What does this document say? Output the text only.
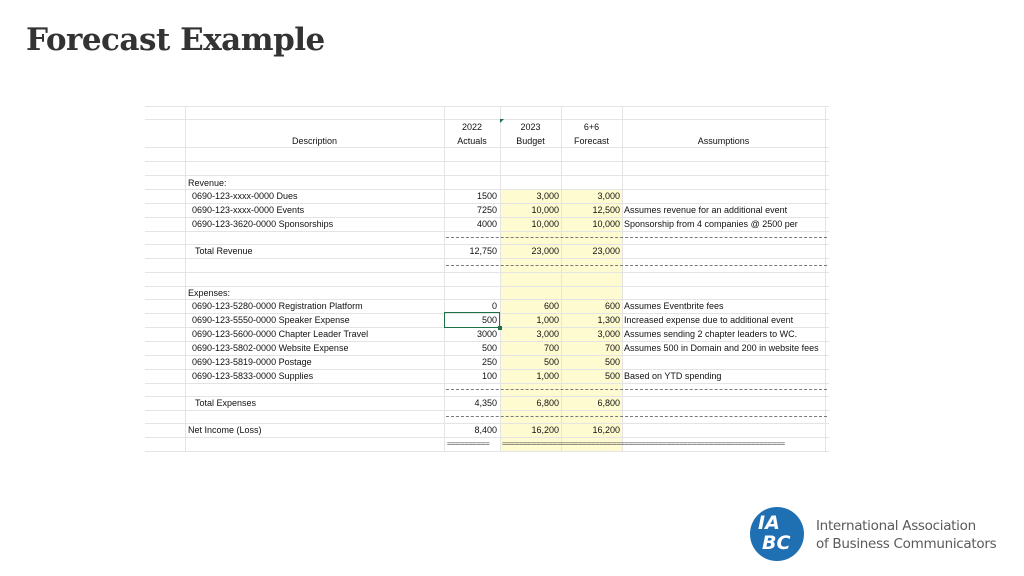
Forecast Example
2022	2023	6+6
Description	Actuals	Budget	Forecast	Assumptions
Revenue:
0690-123-xxxx-0000 Dues	1500	3,000	3,000
0690-123-xxxx-0000 Events	7250	10,000	12,500 Assumes revenue for an additional event
0690-123-3620-0000 Sponsorships	4000	10,000	10,000 Sponsorship from 4 companies @ 2500 per
Total Revenue	12,750	23,000	23,000
Expenses:
0690-123-5280-0000 Registration Platform	0	600	600 Assumes Eventbrite fees
0690-123-5550-0000 Speaker Expense	500	1,000	1,300 Increased expense due to additional event
0690-123-5600-0000 Chapter Leader Travel	3000	3,000	3,000 Assumes sending 2 chapter leaders to WC.
0690-123-5802-0000 Website Expense	500	700	700 Assumes 500 in Domain and 200 in website fees
0690-123-5819-0000 Postage	250	500	500
0690-123-5833-0000 Supplies	100	1,000	500 Based on YTD spending
Total Expenses	4,350	6,800	6,800
Net Income (Loss)	8,400	16,200	16,200
==========	===================================================================
IA
BC
International Association
of Business Communicators
